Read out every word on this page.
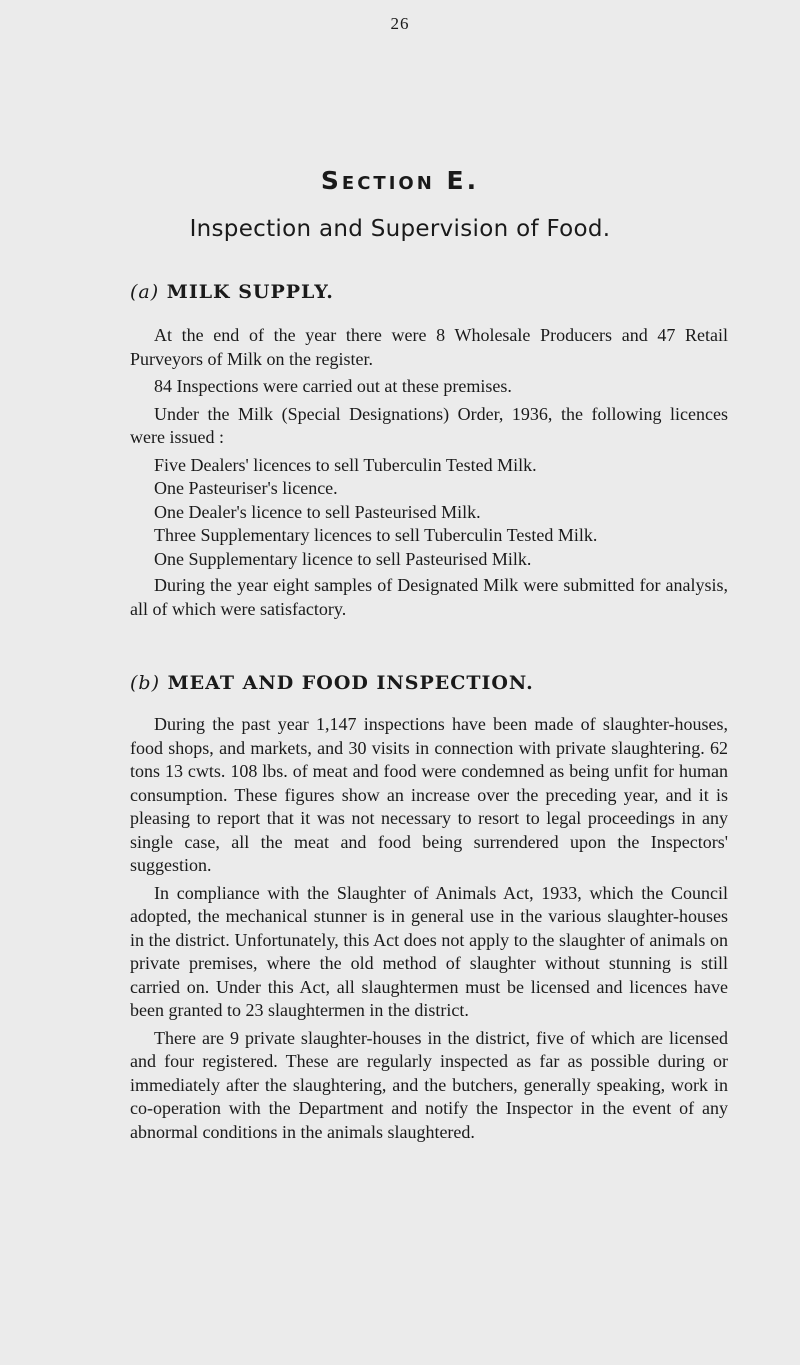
26
Section E.
Inspection and Supervision of Food.
(a) MILK SUPPLY.

At the end of the year there were 8 Wholesale Producers and 47 Retail Purveyors of Milk on the register.

84 Inspections were carried out at these premises.

Under the Milk (Special Designations) Order, 1936, the following licences were issued :

Five Dealers' licences to sell Tuberculin Tested Milk.
One Pasteuriser's licence.
One Dealer's licence to sell Pasteurised Milk.
Three Supplementary licences to sell Tuberculin Tested Milk.
One Supplementary licence to sell Pasteurised Milk.

During the year eight samples of Designated Milk were submitted for analysis, all of which were satisfactory.

(b) MEAT AND FOOD INSPECTION.

During the past year 1,147 inspections have been made of slaughter-houses, food shops, and markets, and 30 visits in connection with private slaughtering. 62 tons 13 cwts. 108 lbs. of meat and food were condemned as being unfit for human consumption. These figures show an increase over the preceding year, and it is pleasing to report that it was not necessary to resort to legal proceedings in any single case, all the meat and food being surrendered upon the Inspectors' suggestion.

In compliance with the Slaughter of Animals Act, 1933, which the Council adopted, the mechanical stunner is in general use in the various slaughter-houses in the district. Unfortunately, this Act does not apply to the slaughter of animals on private premises, where the old method of slaughter without stunning is still carried on. Under this Act, all slaughtermen must be licensed and licences have been granted to 23 slaughtermen in the district.

There are 9 private slaughter-houses in the district, five of which are licensed and four registered. These are regularly inspected as far as possible during or immediately after the slaughtering, and the butchers, generally speaking, work in co-operation with the Department and notify the Inspector in the event of any abnormal conditions in the animals slaughtered.
